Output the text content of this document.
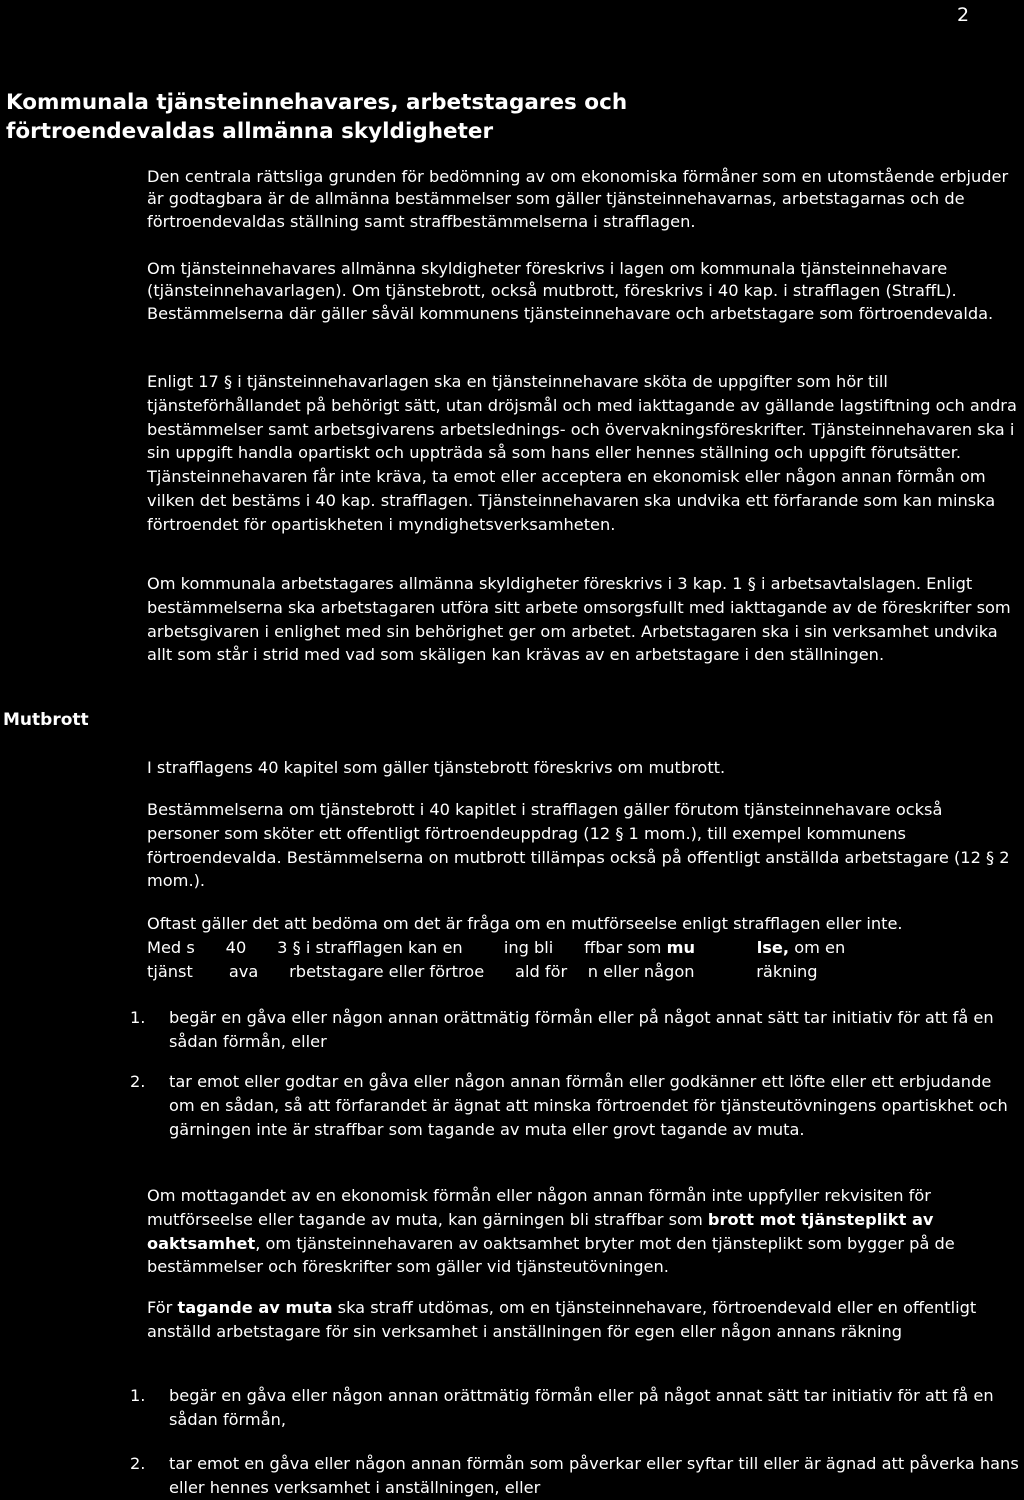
2
Kommunala tjänsteinnehavares, arbetstagares och
förtroendevaldas allmänna skyldigheter

Den centrala rättsliga grunden för bedömning av om ekonomiska förmåner som en utomstående erbjuder är godtagbara är de allmänna bestämmelser som gäller tjänsteinnehavarnas, arbetstagarnas och de förtroendevaldas ställning samt straffbestämmelserna i strafflagen.

Om tjänsteinnehavares allmänna skyldigheter föreskrivs i lagen om kommunala tjänsteinnehavare (tjänsteinnehavarlagen). Om tjänstebrott, också mutbrott, föreskrivs i 40 kap. i strafflagen (StraffL). Bestämmelserna där gäller såväl kommunens tjänsteinnehavare och arbetstagare som förtroendevalda.

Enligt 17 § i tjänsteinnehavarlagen ska en tjänsteinnehavare sköta de uppgifter som hör till tjänsteförhållandet på behörigt sätt, utan dröjsmål och med iakttagande av gällande lagstiftning och andra bestämmelser samt arbetsgivarens arbetslednings- och övervakningsföreskrifter. Tjänsteinnehavaren ska i sin uppgift handla opartiskt och uppträda så som hans eller hennes ställning och uppgift förutsätter. Tjänsteinnehavaren får inte kräva, ta emot eller acceptera en ekonomisk eller någon annan förmån om vilken det bestäms i 40 kap. strafflagen. Tjänsteinnehavaren ska undvika ett förfarande som kan minska förtroendet för opartiskheten i myndighetsverksamheten.

Om kommunala arbetstagares allmänna skyldigheter föreskrivs i 3 kap. 1 § i arbetsavtalslagen. Enligt bestämmelserna ska arbetstagaren utföra sitt arbete omsorgsfullt med iakttagande av de föreskrifter som arbetsgivaren i enlighet med sin behörighet ger om arbetet. Arbetstagaren ska i sin verksamhet undvika allt som står i strid med vad som skäligen kan krävas av en arbetstagare i den ställningen.

Mutbrott

I strafflagens 40 kapitel som gäller tjänstebrott föreskrivs om mutbrott.

Bestämmelserna om tjänstebrott i 40 kapitlet i strafflagen gäller förutom tjänsteinnehavare också personer som sköter ett offentligt förtroendeuppdrag (12 § 1 mom.), till exempel kommunens förtroendevalda. Bestämmelserna on mutbrott tillämpas också på offentligt anställda arbetstagare (12 § 2 mom.).

Oftast gäller det att bedöma om det är fråga om en mutförseelse enligt strafflagen eller inte.
Med s 40 3 § i strafflagen kan en	ing bli ffbar som mu	lse, om en
tjänst ava rbetstagare eller förtroe ald för n eller någon	räkning
1. begär en gåva eller någon annan orättmätig förmån eller på något annat sätt tar initiativ för att få en sådan förmån, eller
2. tar emot eller godtar en gåva eller någon annan förmån eller godkänner ett löfte eller ett erbjudande om en sådan, så att förfarandet är ägnat att minska förtroendet för tjänsteutövningens opartiskhet och gärningen inte är straffbar som tagande av muta eller grovt tagande av muta.

Om mottagandet av en ekonomisk förmån eller någon annan förmån inte uppfyller rekvisiten för mutförseelse eller tagande av muta, kan gärningen bli straffbar som brott mot tjänsteplikt av oaktsamhet, om tjänsteinnehavaren av oaktsamhet bryter mot den tjänsteplikt som bygger på de bestämmelser och föreskrifter som gäller vid tjänsteutövningen.

För tagande av muta ska straff utdömas, om en tjänsteinnehavare, förtroendevald eller en offentligt anställd arbetstagare för sin verksamhet i anställningen för egen eller någon annans räkning

1. begär en gåva eller någon annan orättmätig förmån eller på något annat sätt tar initiativ för att få en sådan förmån,
2. tar emot en gåva eller någon annan förmån som påverkar eller syftar till eller är ägnad att påverka hans eller hennes verksamhet i anställningen, eller
